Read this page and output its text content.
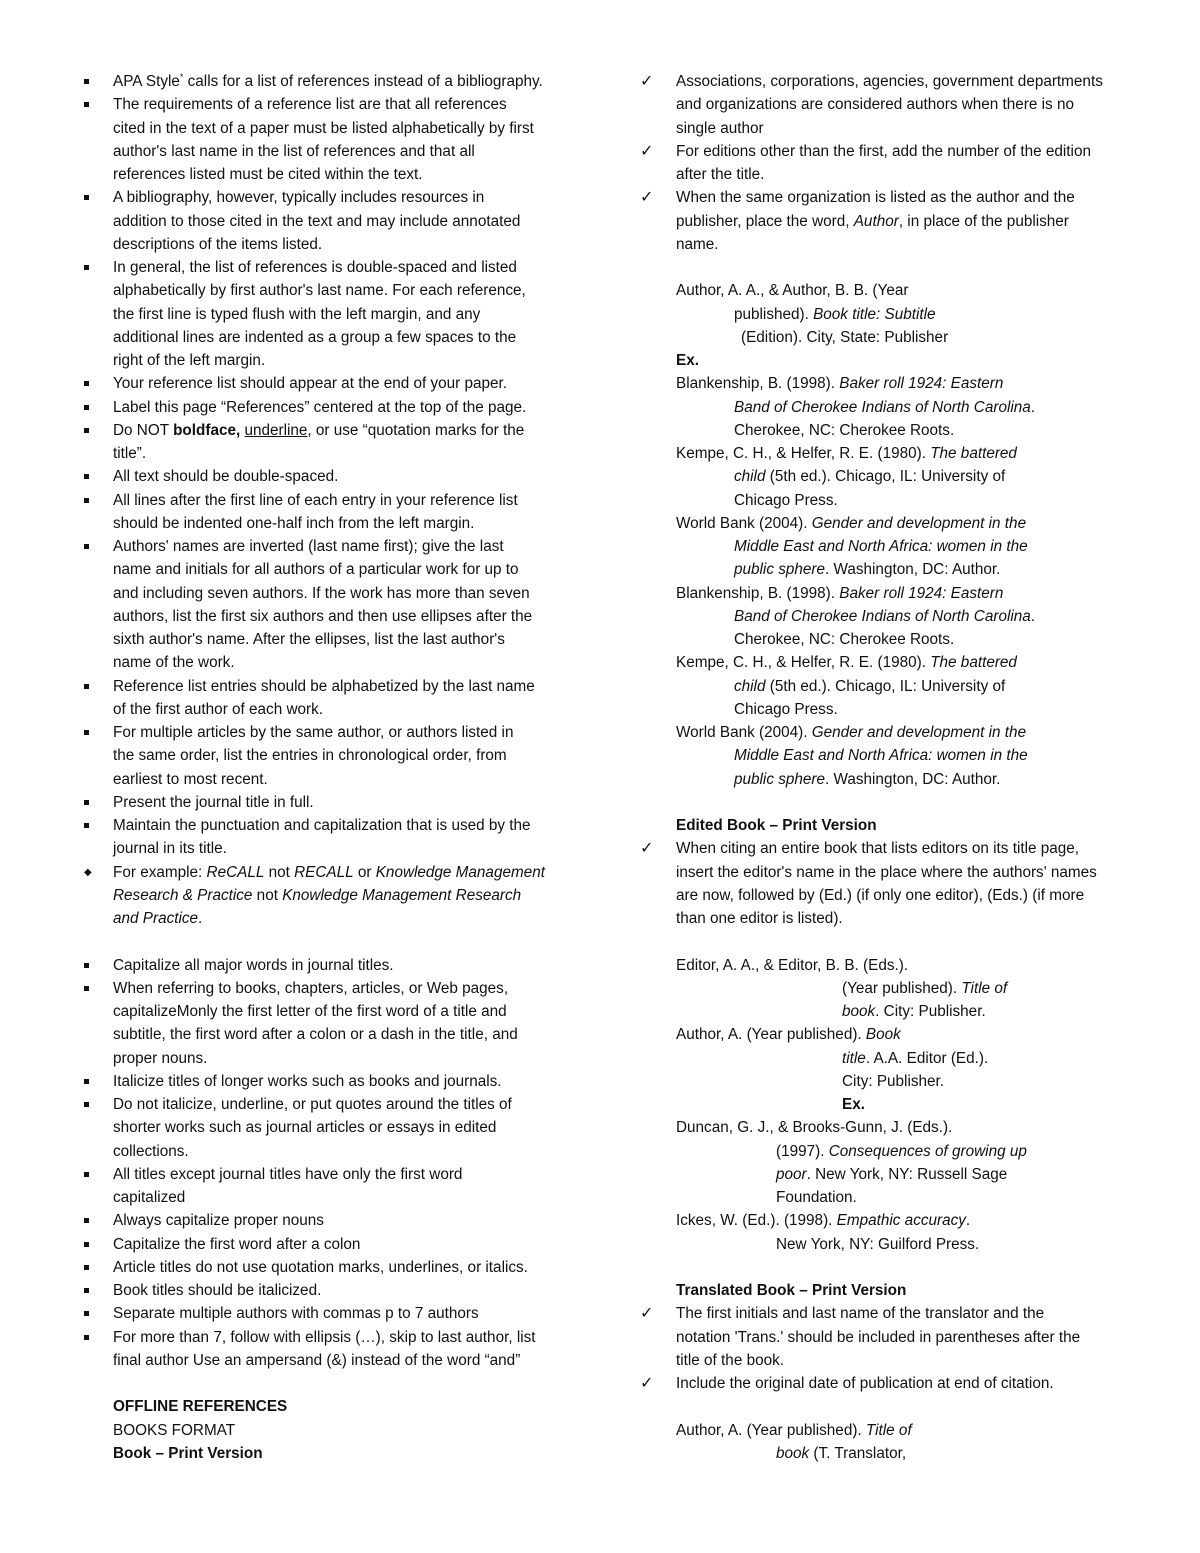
APA Style* calls for a list of references instead of a bibliography.
The requirements of a reference list are that all references
cited in the text of a paper must be listed alphabetically by first
author's last name in the list of references and that all
references listed must be cited within the text.
A bibliography, however, typically includes resources in
addition to those cited in the text and may include annotated
descriptions of the items listed.
In general, the list of references is double-spaced and listed
alphabetically by first author's last name. For each reference,
the first line is typed flush with the left margin, and any
additional lines are indented as a group a few spaces to the
right of the left margin.
Your reference list should appear at the end of your paper.
Label this page “References” centered at the top of the page.
Do NOT boldface, underline, or use “quotation marks for the
title”.
All text should be double-spaced.
All lines after the first line of each entry in your reference list
should be indented one-half inch from the left margin.
Authors' names are inverted (last name first); give the last
name and initials for all authors of a particular work for up to
and including seven authors. If the work has more than seven
authors, list the first six authors and then use ellipses after the
sixth author's name. After the ellipses, list the last author's
name of the work.
Reference list entries should be alphabetized by the last name
of the first author of each work.
For multiple articles by the same author, or authors listed in
the same order, list the entries in chronological order, from
earliest to most recent.
Present the journal title in full.
Maintain the punctuation and capitalization that is used by the
journal in its title.
◆	For example: ReCALL not RECALL or Knowledge Management
Research & Practice not Knowledge Management Research
and Practice.
Capitalize all major words in journal titles.
When referring to books, chapters, articles, or Web pages,
capitalizeMonly the first letter of the first word of a title and
subtitle, the first word after a colon or a dash in the title, and
proper nouns.
Italicize titles of longer works such as books and journals.
Do not italicize, underline, or put quotes around the titles of
shorter works such as journal articles or essays in edited
collections.
All titles except journal titles have only the first word
capitalized
Always capitalize proper nouns
Capitalize the first word after a colon
Article titles do not use quotation marks, underlines, or italics.
Book titles should be italicized.
Separate multiple authors with commas p to 7 authors
For more than 7, follow with ellipsis (…), skip to last author, list
final author Use an ampersand (&) instead of the word “and”
OFFLINE REFERENCES
BOOKS FORMAT
Book – Print Version
✓	Associations, corporations, agencies, government departments
and organizations are considered authors when there is no
single author
✓	For editions other than the first, add the number of the edition
after the title.
✓	When the same organization is listed as the author and the
publisher, place the word, Author, in place of the publisher
name.
Author, A. A., & Author, B. B. (Year
published). Book title: Subtitle
(Edition). City, State: Publisher
Ex.
Blankenship, B. (1998). Baker roll 1924: Eastern
Band of Cherokee Indians of North Carolina.
Cherokee, NC: Cherokee Roots.
Kempe, C. H., & Helfer, R. E. (1980). The battered
child (5th ed.). Chicago, IL: University of
Chicago Press.
World Bank (2004). Gender and development in the
Middle East and North Africa: women in the
public sphere. Washington, DC: Author.
Blankenship, B. (1998). Baker roll 1924: Eastern
Band of Cherokee Indians of North Carolina.
Cherokee, NC: Cherokee Roots.
Kempe, C. H., & Helfer, R. E. (1980). The battered
child (5th ed.). Chicago, IL: University of
Chicago Press.
World Bank (2004). Gender and development in the
Middle East and North Africa: women in the
public sphere. Washington, DC: Author.
Edited Book – Print Version
✓	When citing an entire book that lists editors on its title page,
insert the editor's name in the place where the authors' names
are now, followed by (Ed.) (if only one editor), (Eds.) (if more
than one editor is listed).
Editor, A. A., & Editor, B. B. (Eds.).
(Year published). Title of
book. City: Publisher.
Author, A. (Year published). Book
title. A.A. Editor (Ed.).
City: Publisher.
Ex.
Duncan, G. J., & Brooks-Gunn, J. (Eds.).
(1997). Consequences of growing up
poor. New York, NY: Russell Sage
Foundation.
Ickes, W. (Ed.). (1998). Empathic accuracy.
New York, NY: Guilford Press.
Translated Book – Print Version
✓	The first initials and last name of the translator and the
notation 'Trans.' should be included in parentheses after the
title of the book.
✓	Include the original date of publication at end of citation.
Author, A. (Year published). Title of
book (T. Translator,
